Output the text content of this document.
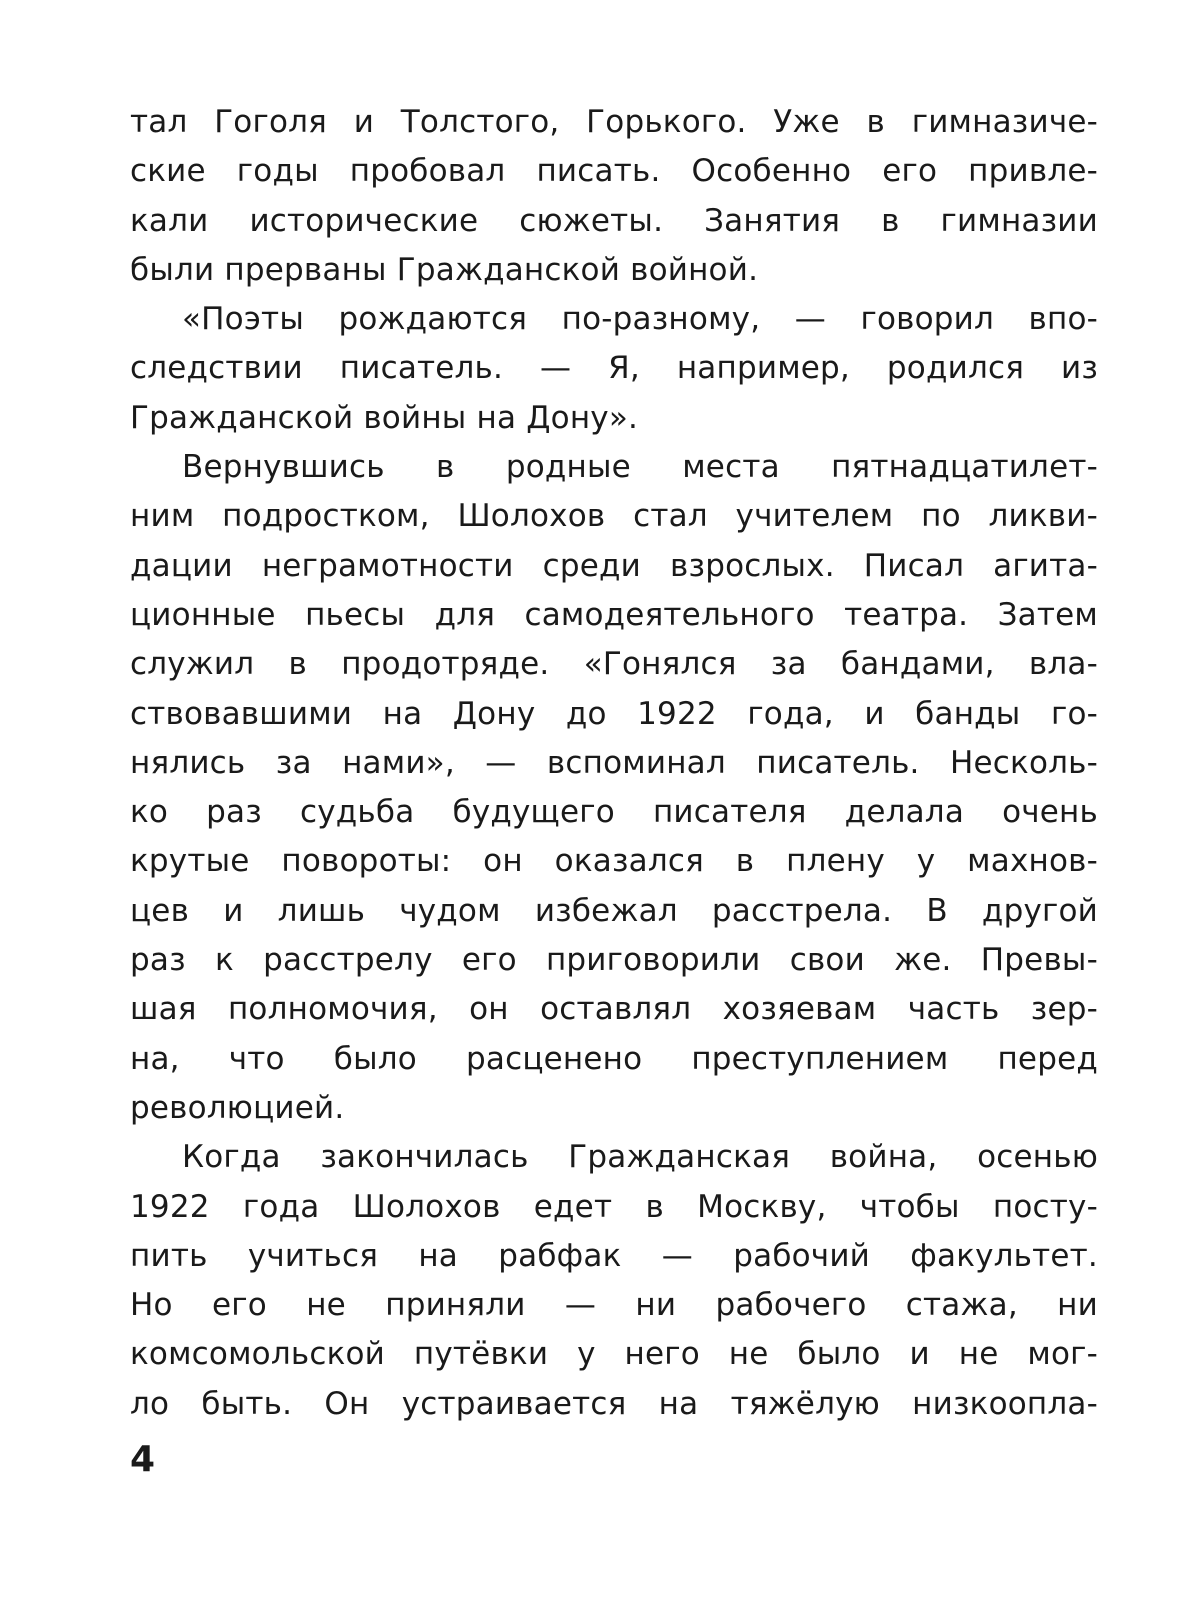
тал Гоголя и Толстого, Горького. Уже в гимназиче-
ские годы пробовал писать. Особенно его привле-
кали исторические сюжеты. Занятия в гимназии
были прерваны Гражданской войной.
«Поэты рождаются по-разному, — говорил впо-
следствии писатель. — Я, например, родился из
Гражданской войны на Дону».
Вернувшись в родные места пятнадцатилет-
ним подростком, Шолохов стал учителем по ликви-
дации неграмотности среди взрослых. Писал агита-
ционные пьесы для самодеятельного театра. Затем
служил в продотряде. «Гонялся за бандами, вла-
ствовавшими на Дону до 1922 года, и банды го-
нялись за нами», — вспоминал писатель. Несколь-
ко раз судьба будущего писателя делала очень
крутые повороты: он оказался в плену у махнов-
цев и лишь чудом избежал расстрела. В другой
раз к расстрелу его приговорили свои же. Превы-
шая полномочия, он оставлял хозяевам часть зер-
на, что было расценено преступлением перед
революцией.
Когда закончилась Гражданская война, осенью
1922 года Шолохов едет в Москву, чтобы посту-
пить учиться на рабфак — рабочий факультет.
Но его не приняли — ни рабочего стажа, ни
комсомольской путёвки у него не было и не мог-
ло быть. Он устраивается на тяжёлую низкоопла-
4
